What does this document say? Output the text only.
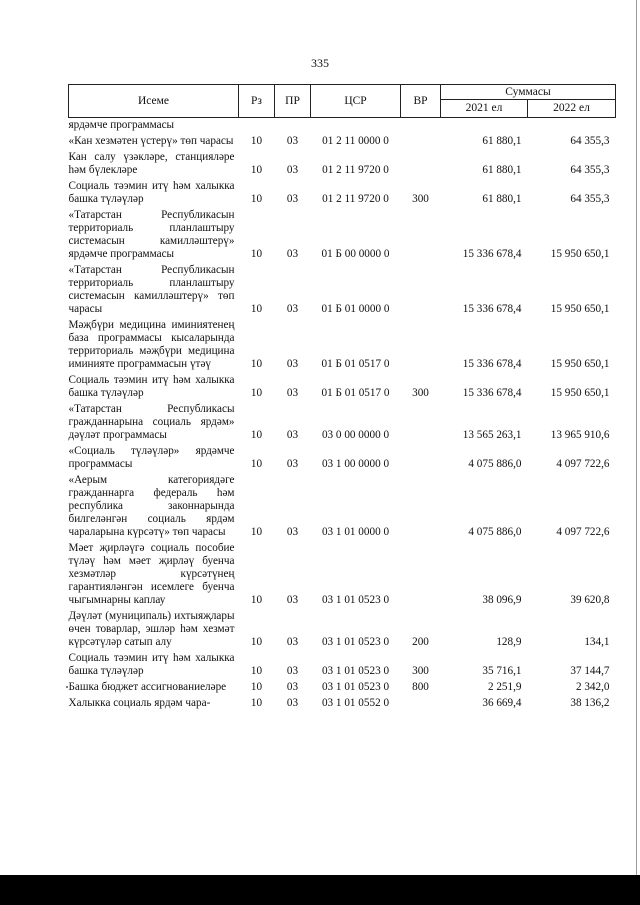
335
Исеме	Рз	ПР	ЦСР	ВР	Суммасы	
					2021 ел	2022 ел
ярдәмче программасы						
«Кан хезмәтен үстерү» төп чарасы	10	03	01 2 11 0000 0		61 880,1	64 355,3
Кан салу үзәкләре, станцияләре һәм бүлекләре	10	03	01 2 11 9720 0		61 880,1	64 355,3
Социаль тәэмин итү һәм халыкка башка түләүләр	10	03	01 2 11 9720 0	300	61 880,1	64 355,3
«Татарстан Республикасын территориаль планлаштыру системасын камилләштерү» ярдәмче программасы	10	03	01 Б 00 0000 0		15 336 678,4	15 950 650,1
«Татарстан Республикасын территориаль планлаштыру системасын камилләштерү» төп чарасы	10	03	01 Б 01 0000 0		15 336 678,4	15 950 650,1
Мәҗбүри медицина иминиятенең база программасы кысаларында территориаль мәҗбүри медицина иминияте программасын үтәү	10	03	01 Б 01 0517 0		15 336 678,4	15 950 650,1
Социаль тәэмин итү һәм халыкка башка түләүләр	10	03	01 Б 01 0517 0	300	15 336 678,4	15 950 650,1
«Татарстан Республикасы гражданнарына социаль ярдәм» дәүләт программасы	10	03	03 0 00 0000 0		13 565 263,1	13 965 910,6
«Социаль түләүләр» ярдәмче программасы	10	03	03 1 00 0000 0		4 075 886,0	4 097 722,6
«Аерым категориядәге гражданнарга федераль һәм республика законнарында билгеләнгән социаль ярдәм чараларына күрсәтү» төп чарасы	10	03	03 1 01 0000 0		4 075 886,0	4 097 722,6
Мәет җирләүгә социаль пособие түләү һәм мәет җирләү буенча хезмәтләр күрсәтүнең гарантияләнгән исемлеге буенча чыгымнарны каплау	10	03	03 1 01 0523 0		38 096,9	39 620,8
Дәүләт (муниципаль) ихтыяҗлары өчен товарлар, эшләр һәм хезмәт күрсәтүләр сатып алу	10	03	03 1 01 0523 0	200	128,9	134,1
Социаль тәэмин итү һәм халыкка башка түләүләр	10	03	03 1 01 0523 0	300	35 716,1	37 144,7
Башка бюджет ассигнованиеләре	10	03	03 1 01 0523 0	800	2 251,9	2 342,0
Халыкка социаль ярдәм чара-	10	03	03 1 01 0552 0		36 669,4	38 136,2
